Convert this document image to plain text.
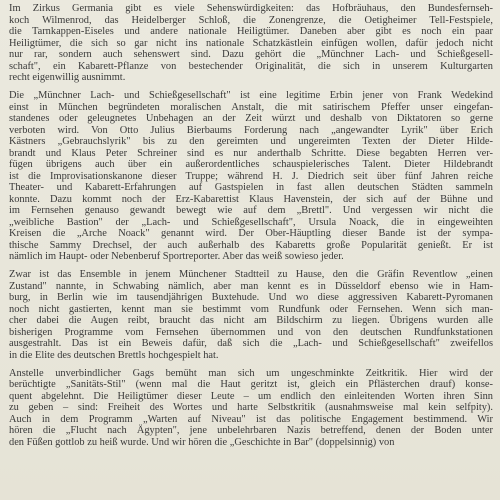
Im Zirkus Germania gibt es viele Sehenswürdigkeiten: das Hofbräuhaus, den Bundesfernseh-
koch Wilmenrod, das Heidelberger Schloß, die Zonengrenze, die Oetigheimer Tell-Festspiele,
die Tarnkappen-Eiseles und andere nationale Heiligtümer. Daneben aber gibt es noch ein paar
Heiligtümer, die sich so gar nicht ins nationale Schatzkästlein einfügen wollen, dafür jedoch nicht
nur rar, sondern auch sehenswert sind. Dazu gehört die „Münchner Lach- und Schießgesell-
schaft", ein Kabarett-Pflanze von bestechender Originalität, die sich in unserem Kulturgarten
recht eigenwillig ausnimmt.
Die „Münchner Lach- und Schießgesellschaft" ist eine legitime Erbin jener von Frank Wedekind
einst in München begründeten moralischen Anstalt, die mit satirischem Pfeffer unser eingefan-
standenes oder geleugnetes Unbehagen an der Zeit würzt und deshalb von Diktatoren so gerne
verboten wird. Von Otto Julius Bierbaums Forderung nach „angewandter Lyrik" über Erich
Kästners „Gebrauchslyrik" bis zu den gereimten und ungereimten Texten der Dieter Hilde-
brandt und Klaus Peter Schreiner sind es nur anderthalb Schritte. Diese begabten Herren ver-
fügen übrigens auch über ein außerordentliches schauspielerisches Talent. Dieter Hildebrandt
ist die Improvisationskanone dieser Truppe; während H. J. Diedrich seit über fünf Jahren reiche
Theater- und Kabarett-Erfahrungen auf Gastspielen in fast allen deutschen Städten sammeln
konnte. Dazu kommt noch der Erz-Kabarettist Klaus Havenstein, der sich auf der Bühne und
im Fernsehen genauso gewandt bewegt wie auf dem „Brettl". Und vergessen wir nicht die
„weibliche Bastion" der „Lach- und Schießgesellschaft", Ursula Noack, die in eingeweihten
Kreisen die „Arche Noack" genannt wird. Der Ober-Häuptling dieser Bande ist der sympa-
thische Sammy Drechsel, der auch außerhalb des Kabaretts große Popularität genießt. Er ist
nämlich im Haupt- oder Nebenberuf Sportreporter. Aber das weiß sowieso jeder.
Zwar ist das Ensemble in jenem Münchener Stadtteil zu Hause, den die Gräfin Reventlow „einen
Zustand" nannte, in Schwabing nämlich, aber man kennt es in Düsseldorf ebenso wie in Ham-
burg, in Berlin wie im tausendjährigen Buxtehude. Und wo diese aggressiven Kabarett-Pyromanen
noch nicht gastierten, kennt man sie bestimmt vom Rundfunk oder Fernsehen. Wenn sich man-
cher dabei die Augen reibt, braucht das nicht am Bildschirm zu liegen. Übrigens wurden alle
bisherigen Programme vom Fernsehen übernommen und von den deutschen Rundfunkstationen
ausgestrahlt. Das ist ein Beweis dafür, daß sich die „Lach- und Schießgesellschaft" zweifellos
in die Elite des deutschen Brettls hochgespielt hat.
Anstelle unverbindlicher Gags bemüht man sich um ungeschminkte Zeitkritik. Hier wird der
berüchtigte „Sanitäts-Stil" (wenn mal die Haut geritzt ist, gleich ein Pflästerchen drauf) konse-
quent abgelehnt. Die Heiligtümer dieser Leute – um endlich den einleitenden Worten ihren Sinn
zu geben – sind: Freiheit des Wortes und harte Selbstkritik (ausnahmsweise mal kein selfpity).
Auch in dem Programm „Warten auf Niveau" ist das politische Engagement bestimmend. Wir
hören die „Flucht nach Ägypten", jene unbelehrbaren Nazis betreffend, denen der Boden unter
den Füßen gottlob zu heiß wurde. Und wir hören die „Geschichte in Bar" (doppelsinnig) von
